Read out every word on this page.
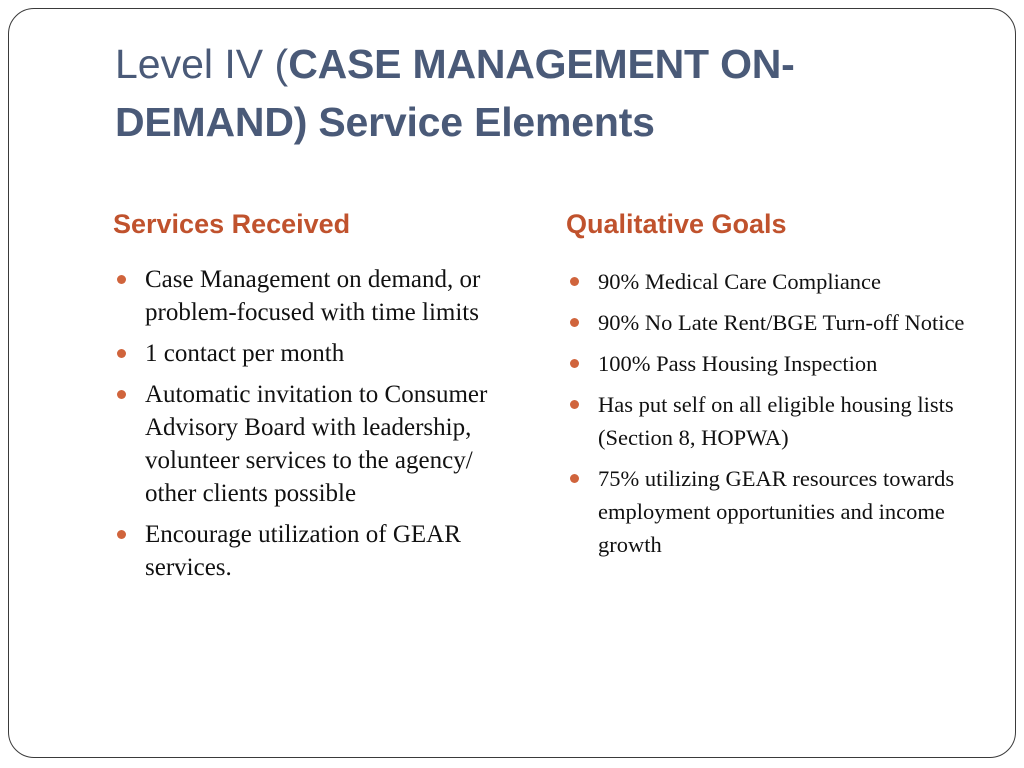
Level IV (CASE MANAGEMENT ON-DEMAND) Service Elements
Services Received
Case Management on demand, or problem-focused with time limits
1 contact per month
Automatic invitation to Consumer Advisory Board with leadership, volunteer services to the agency/ other clients possible
Encourage utilization of GEAR services.
Qualitative Goals
90% Medical Care Compliance
90% No Late Rent/BGE Turn-off Notice
100% Pass Housing Inspection
Has put self on all eligible housing lists (Section 8, HOPWA)
75% utilizing GEAR resources towards employment opportunities and income growth
